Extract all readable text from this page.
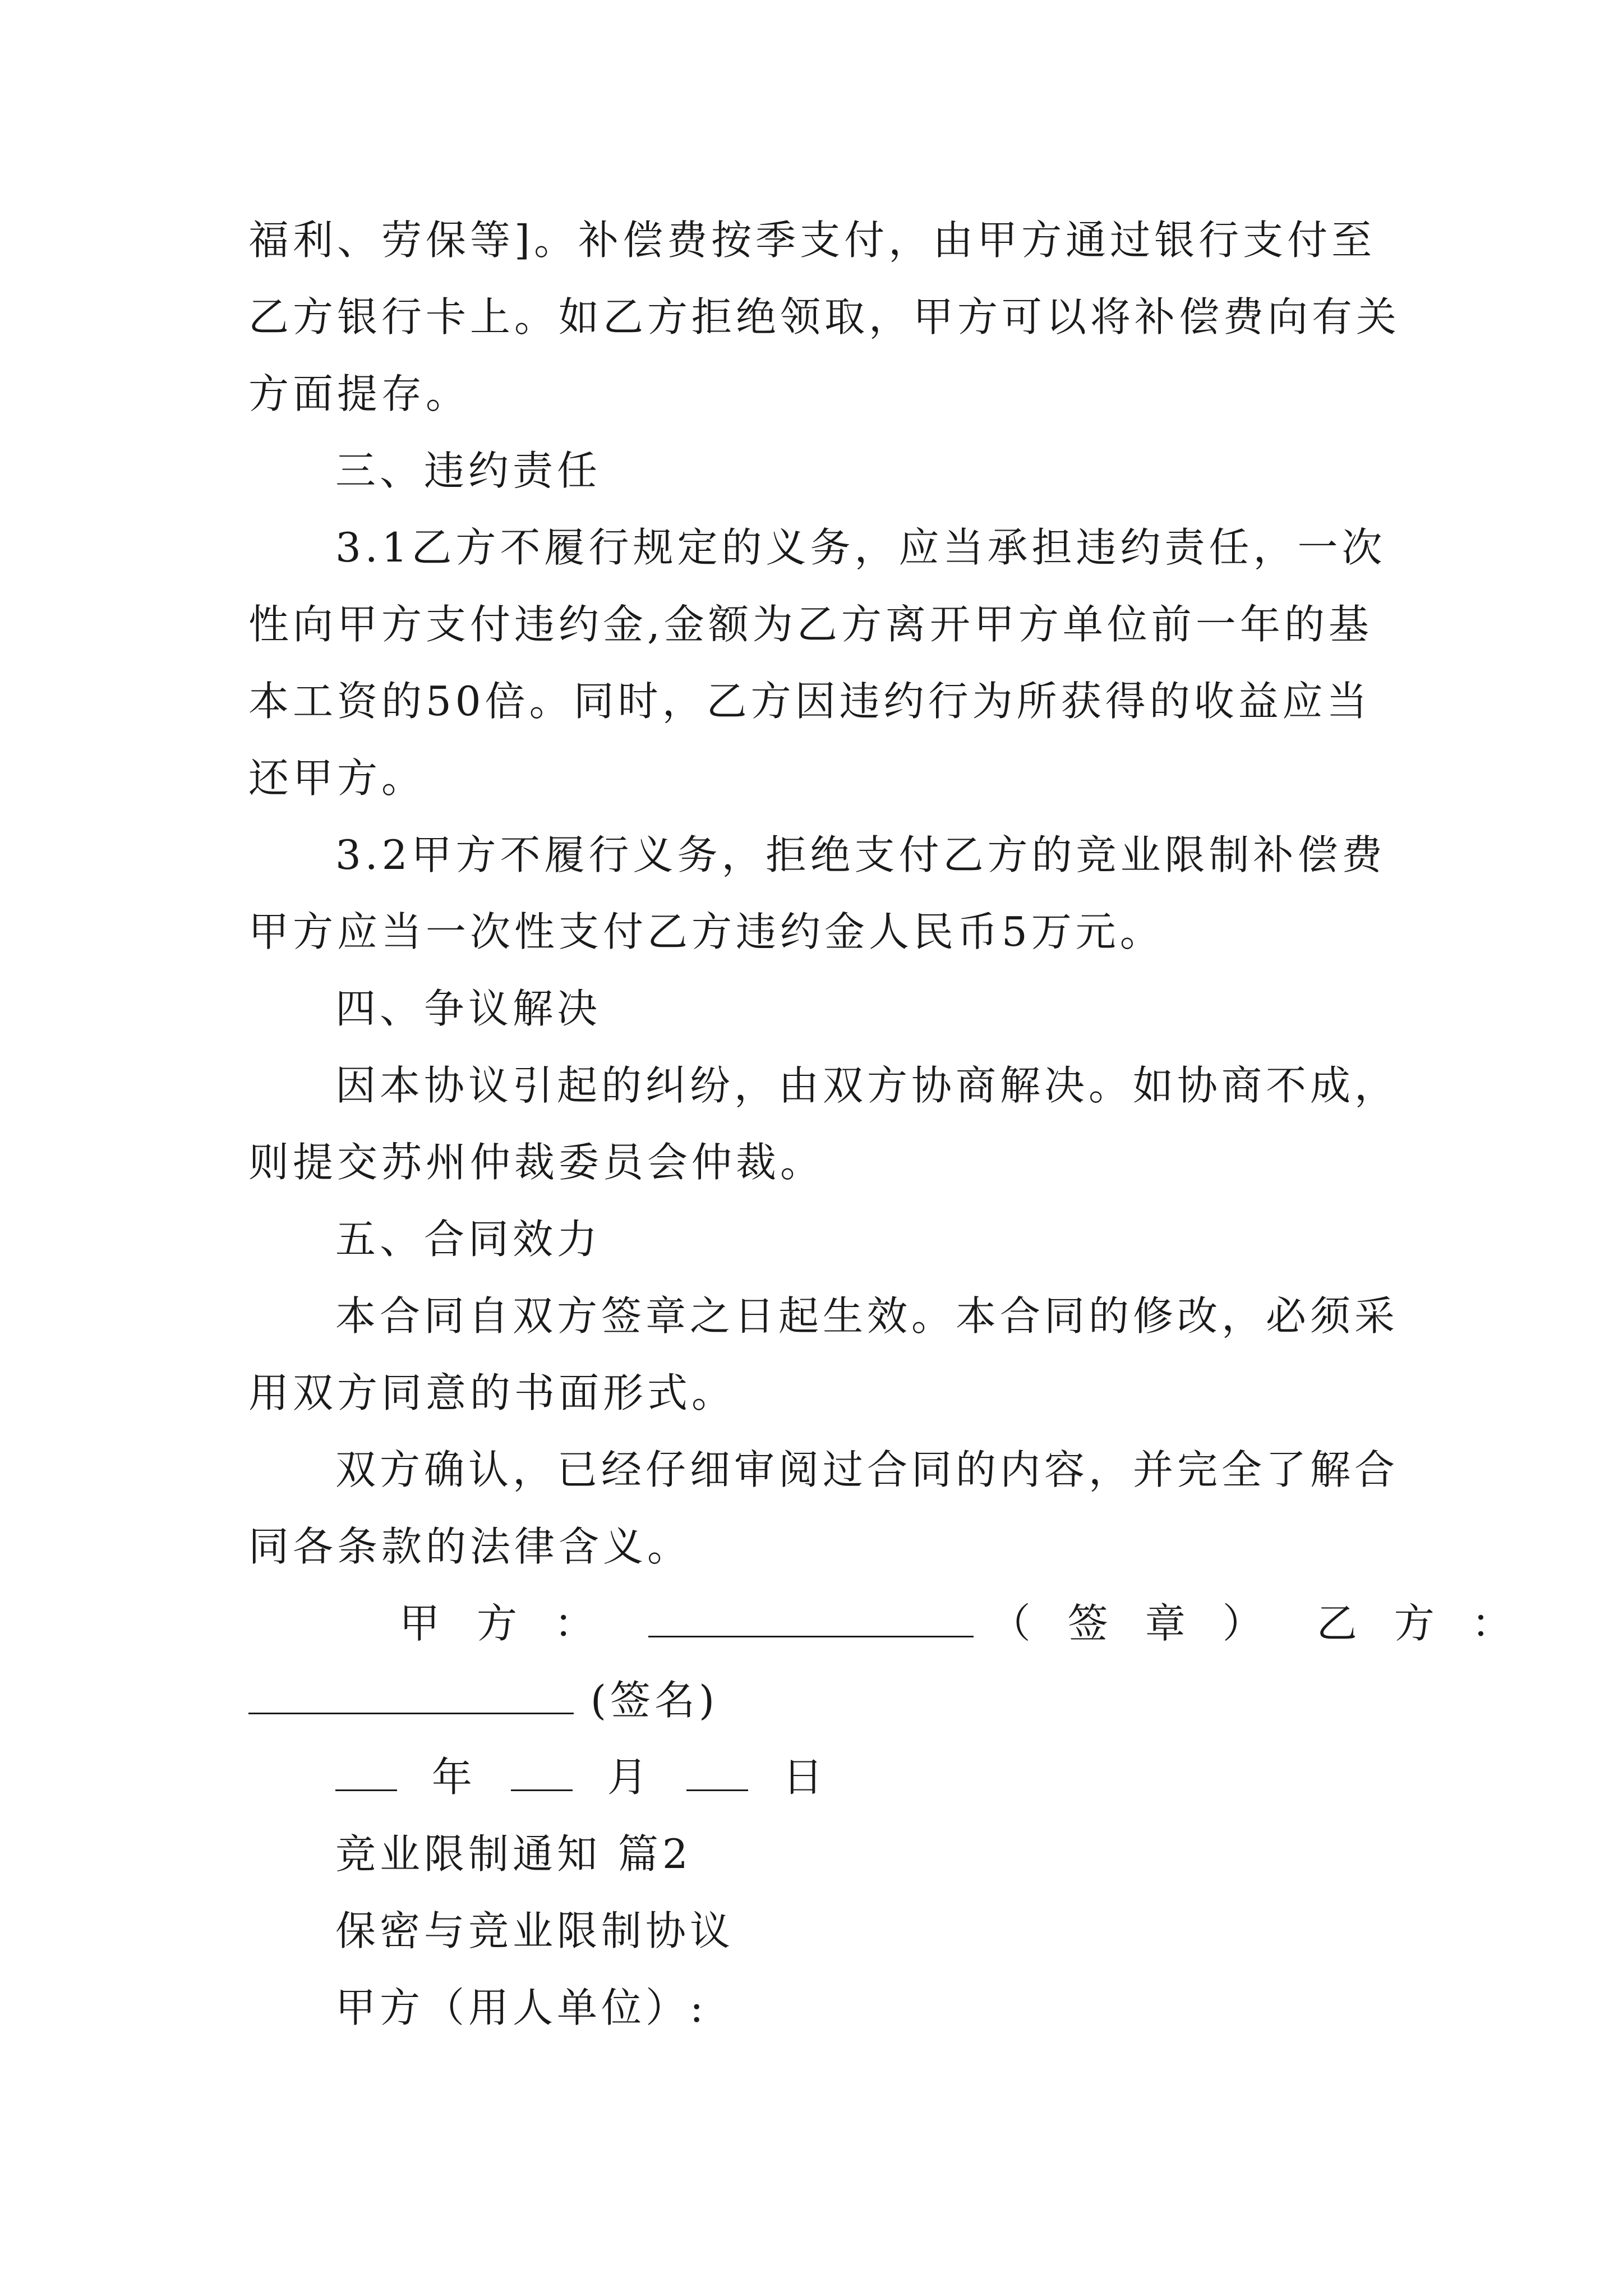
福利、劳保等]。补偿费按季支付，由甲方通过银行支付至
乙方银行卡上。如乙方拒绝领取，甲方可以将补偿费向有关
方面提存。
三、违约责任
3.1乙方不履行规定的义务，应当承担违约责任，一次
性向甲方支付违约金,金额为乙方离开甲方单位前一年的基
本工资的50倍。同时，乙方因违约行为所获得的收益应当
还甲方。
3.2甲方不履行义务，拒绝支付乙方的竞业限制补偿费
甲方应当一次性支付乙方违约金人民币5万元。
四、争议解决
因本协议引起的纠纷，由双方协商解决。如协商不成，
则提交苏州仲裁委员会仲裁。
五、合同效力
本合同自双方签章之日起生效。本合同的修改，必须采
用双方同意的书面形式。
双方确认，已经仔细审阅过合同的内容，并完全了解合
同各条款的法律含义。
甲方：	（签章） 乙方：
(签名)
年	月	日
竞业限制通知 篇2
保密与竞业限制协议
甲方（用人单位）:
